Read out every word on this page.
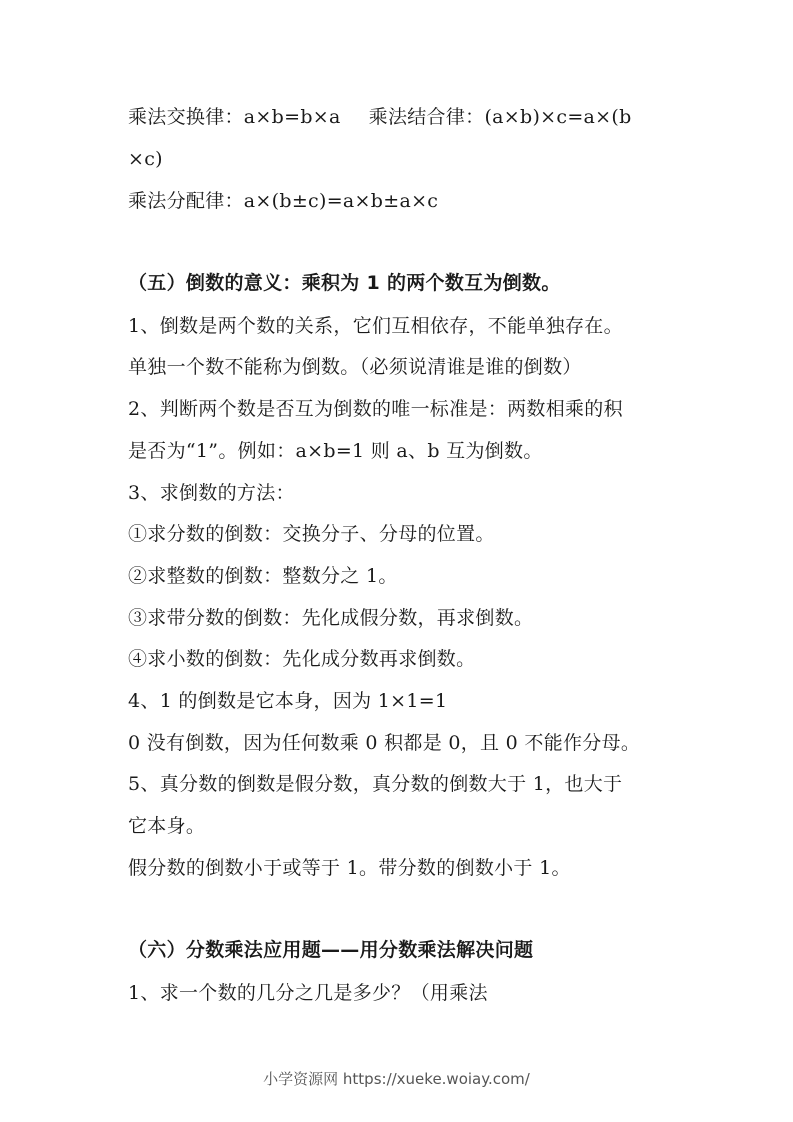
乘法交换律：a×b=b×a 乘法结合律：(a×b)×c=a×(b
×c)
乘法分配律：a×(b±c)=a×b±a×c
（五）倒数的意义：乘积为 1 的两个数互为倒数。
1、倒数是两个数的关系，它们互相依存，不能单独存在。
单独一个数不能称为倒数。（必须说清谁是谁的倒数）
2、判断两个数是否互为倒数的唯一标准是：两数相乘的积
是否为“1”。例如：a×b=1 则 a、b 互为倒数。
3、求倒数的方法：
①求分数的倒数：交换分子、分母的位置。
②求整数的倒数：整数分之 1。
③求带分数的倒数：先化成假分数，再求倒数。
④求小数的倒数：先化成分数再求倒数。
4、1 的倒数是它本身，因为 1×1=1
0 没有倒数，因为任何数乘 0 积都是 0，且 0 不能作分母。
5、真分数的倒数是假分数，真分数的倒数大于 1，也大于
它本身。
假分数的倒数小于或等于 1。带分数的倒数小于 1。
（六）分数乘法应用题——用分数乘法解决问题
1、求一个数的几分之几是多少？（用乘法
小学资源网 https://xueke.woiay.com/
